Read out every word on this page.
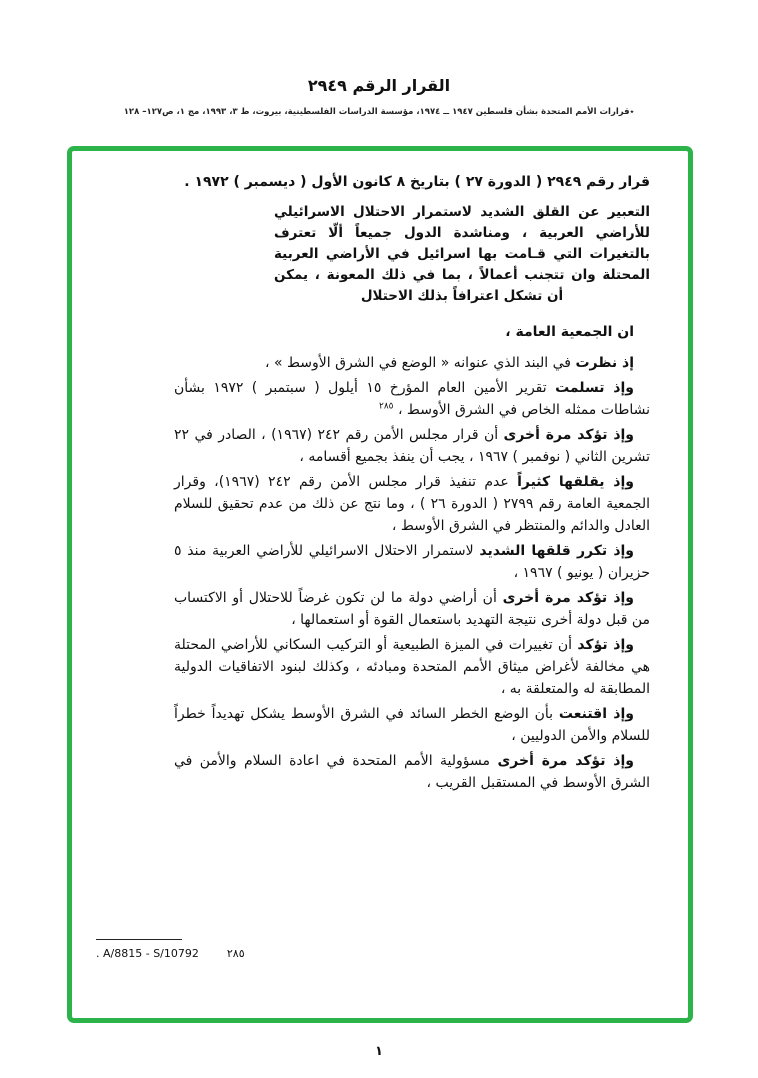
القرار الرقم ٢٩٤٩
٭قرارات الأمم المتحدة بشأن فلسطين ١٩٤٧ ــ ١٩٧٤، مؤسسة الدراسات الفلسطينية، بيروت، ط ٣، ١٩٩٣، مج ١، ص١٢٧– ١٢٨

قرار رقم ٢٩٤٩ ( الدورة ٢٧ ) بتاريخ ٨ كانون الأول ( ديسمبر ) ١٩٧٢ .

التعبير عن القلق الشديد لاستمرار الاحتلال الاسرائيلي للأراضي العربية ، ومناشدة الدول جميعاً ألّا تعترف بالتغيرات التي قـامت بها اسرائيل في الأراضي العربية المحتلة وان تتجنب أعمالاً ، بما في ذلك المعونة ، يمكن أن تشكل اعترافاً بذلك الاحتلال

ان الجمعية العامة ،

إذ نظرت في البند الذي عنوانه « الوضع في الشرق الأوسط » ،

وإذ تسلمت تقرير الأمين العام المؤرخ ١٥ أيلول ( سبتمبر ) ١٩٧٢ بشأن نشاطات ممثله الخاص في الشرق الأوسط ، $^{٢٨٥}$

وإذ تؤكد مرة أخرى أن قرار مجلس الأمن رقم ٢٤٢ (١٩٦٧) ، الصادر في ٢٢ تشرين الثاني ( نوفمبر ) ١٩٦٧ ، يجب أن ينفذ بجميع أقسامه ،

وإذ يقلقها كثيراً عدم تنفيذ قرار مجلس الأمن رقم ٢٤٢ (١٩٦٧)، وقرار الجمعية العامة رقم ٢٧٩٩ ( الدورة ٢٦ ) ، وما نتج عن ذلك من عدم تحقيق للسلام العادل والدائم والمنتظر في الشرق الأوسط ،

وإذ تكرر قلقها الشديد لاستمرار الاحتلال الاسرائيلي للأراضي العربية منذ ٥ حزيران ( يونيو ) ١٩٦٧ ،

وإذ تؤكد مرة أخرى أن أراضي دولة ما لن تكون غرضاً للاحتلال أو الاكتساب من قبل دولة أخرى نتيجة التهديد باستعمال القوة أو استعمالها ،

وإذ تؤكد أن تغييرات في الميزة الطبيعية أو التركيب السكاني للأراضي المحتلة هي مخالفة لأغراض ميثاق الأمم المتحدة ومبادئه ، وكذلك لبنود الاتفاقيات الدولية المطابقة له والمتعلقة به ،

وإذ اقتنعت بأن الوضع الخطر السائد في الشرق الأوسط يشكل تهديداً خطراً للسلام والأمن الدوليين ،

وإذ تؤكد مرة أخرى مسؤولية الأمم المتحدة في اعادة السلام والأمن في الشرق الأوسط في المستقبل القريب ،

A/8815 - S/10792 .	٢٨٥
١
